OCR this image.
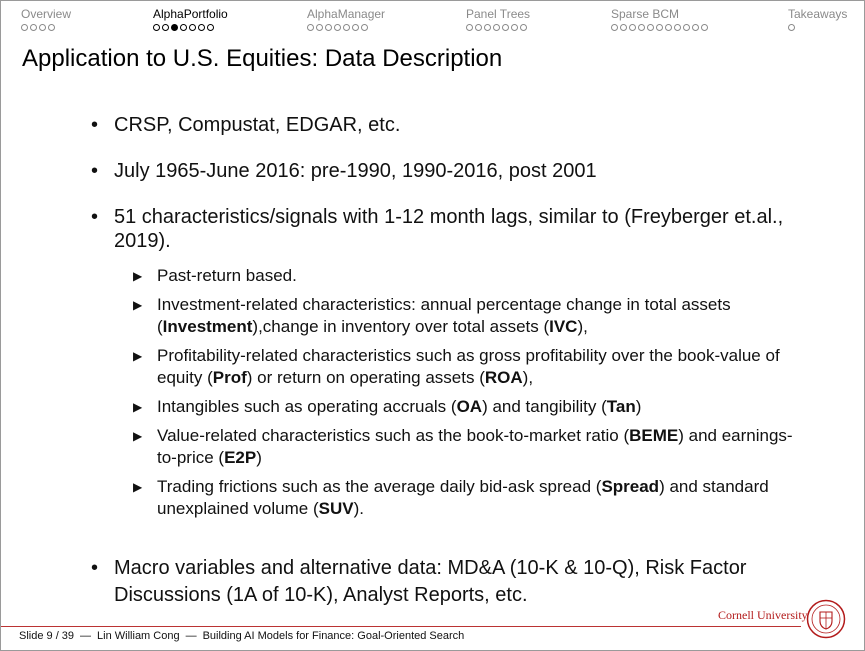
Overview	AlphaPortfolio	AlphaManager	Panel Trees	Sparse BCM	Takeaways
Application to U.S. Equities: Data Description
• CRSP, Compustat, EDGAR, etc.
• July 1965-June 2016: pre-1990, 1990-2016, post 2001
• 51 characteristics/signals with 1-12 month lags, similar to (Freyberger et.al., 2019).
▶ Past-return based.
▶ Investment-related characteristics: annual percentage change in total assets (Investment),change in inventory over total assets (IVC),
▶ Profitability-related characteristics such as gross profitability over the book-value of equity (Prof) or return on operating assets (ROA),
▶ Intangibles such as operating accruals (OA) and tangibility (Tan)
▶ Value-related characteristics such as the book-to-market ratio (BEME) and earnings-to-price (E2P)
▶ Trading frictions such as the average daily bid-ask spread (Spread) and standard unexplained volume (SUV).
• Macro variables and alternative data: MD&A (10-K & 10-Q), Risk Factor Discussions (1A of 10-K), Analyst Reports, etc.
Slide 9 / 39 — Lin William Cong — Building AI Models for Finance: Goal-Oriented Search
Cornell University
